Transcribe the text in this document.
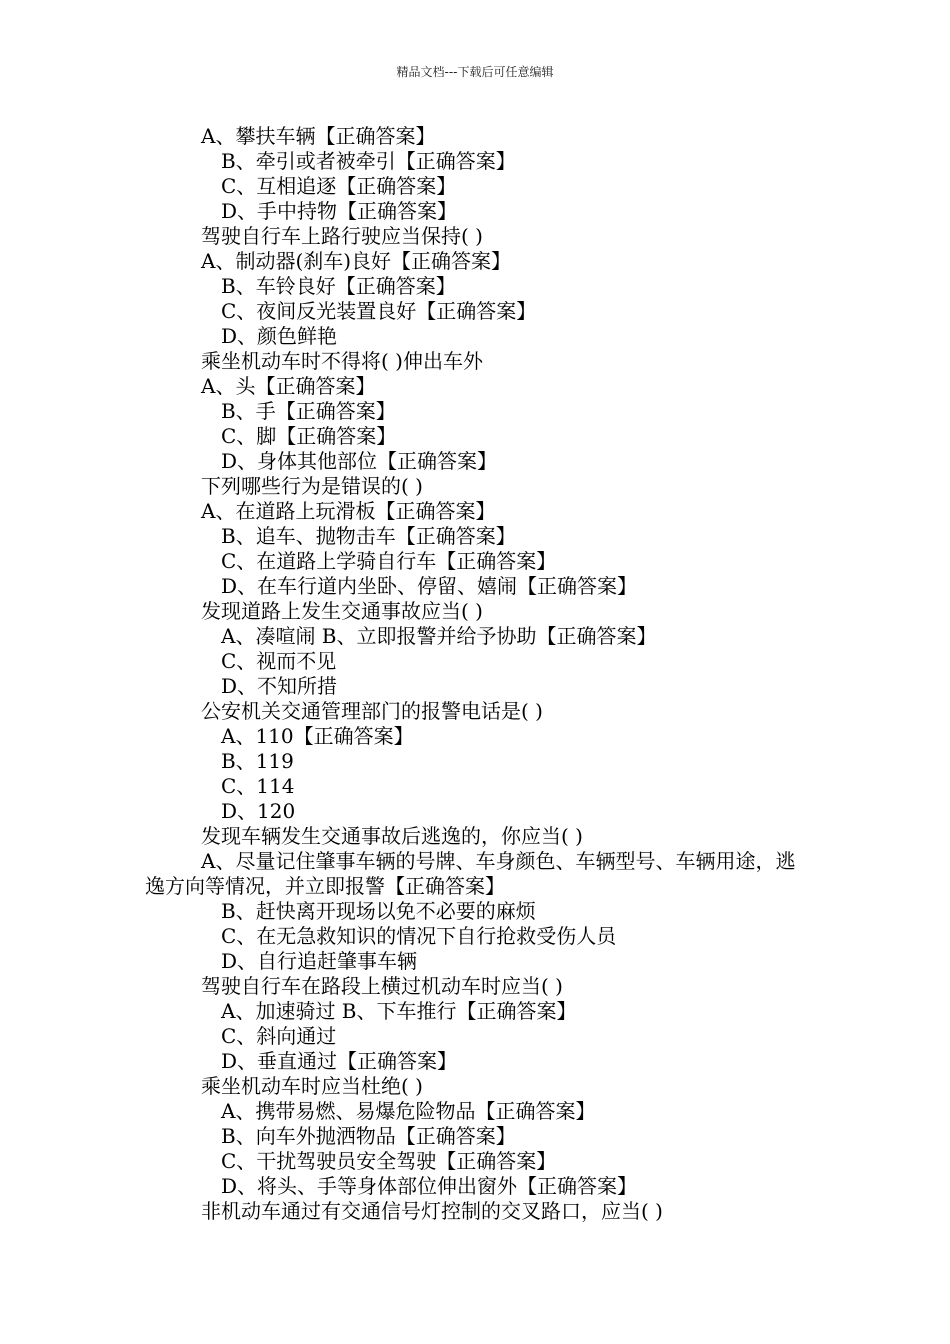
精品文档---下载后可任意编辑
A、攀扶车辆【正确答案】
B、牵引或者被牵引【正确答案】
C、互相追逐【正确答案】
D、手中持物【正确答案】
驾驶自行车上路行驶应当保持( )
A、制动器(刹车)良好【正确答案】
B、车铃良好【正确答案】
C、夜间反光装置良好【正确答案】
D、颜色鲜艳
乘坐机动车时不得将( )伸出车外
A、头【正确答案】
B、手【正确答案】
C、脚【正确答案】
D、身体其他部位【正确答案】
下列哪些行为是错误的( )
A、在道路上玩滑板【正确答案】
B、追车、抛物击车【正确答案】
C、在道路上学骑自行车【正确答案】
D、在车行道内坐卧、停留、嬉闹【正确答案】
发现道路上发生交通事故应当( )
A、凑喧闹 B、立即报警并给予协助【正确答案】
C、视而不见
D、不知所措
公安机关交通管理部门的报警电话是( )
A、110【正确答案】
B、119
C、114
D、120
发现车辆发生交通事故后逃逸的，你应当( )
A、尽量记住肇事车辆的号牌、车身颜色、车辆型号、车辆用途，逃逸方向等情况，并立即报警【正确答案】
B、赶快离开现场以免不必要的麻烦
C、在无急救知识的情况下自行抢救受伤人员
D、自行追赶肇事车辆
驾驶自行车在路段上横过机动车时应当( )
A、加速骑过 B、下车推行【正确答案】
C、斜向通过
D、垂直通过【正确答案】
乘坐机动车时应当杜绝( )
A、携带易燃、易爆危险物品【正确答案】
B、向车外抛洒物品【正确答案】
C、干扰驾驶员安全驾驶【正确答案】
D、将头、手等身体部位伸出窗外【正确答案】
非机动车通过有交通信号灯控制的交叉路口，应当( )
